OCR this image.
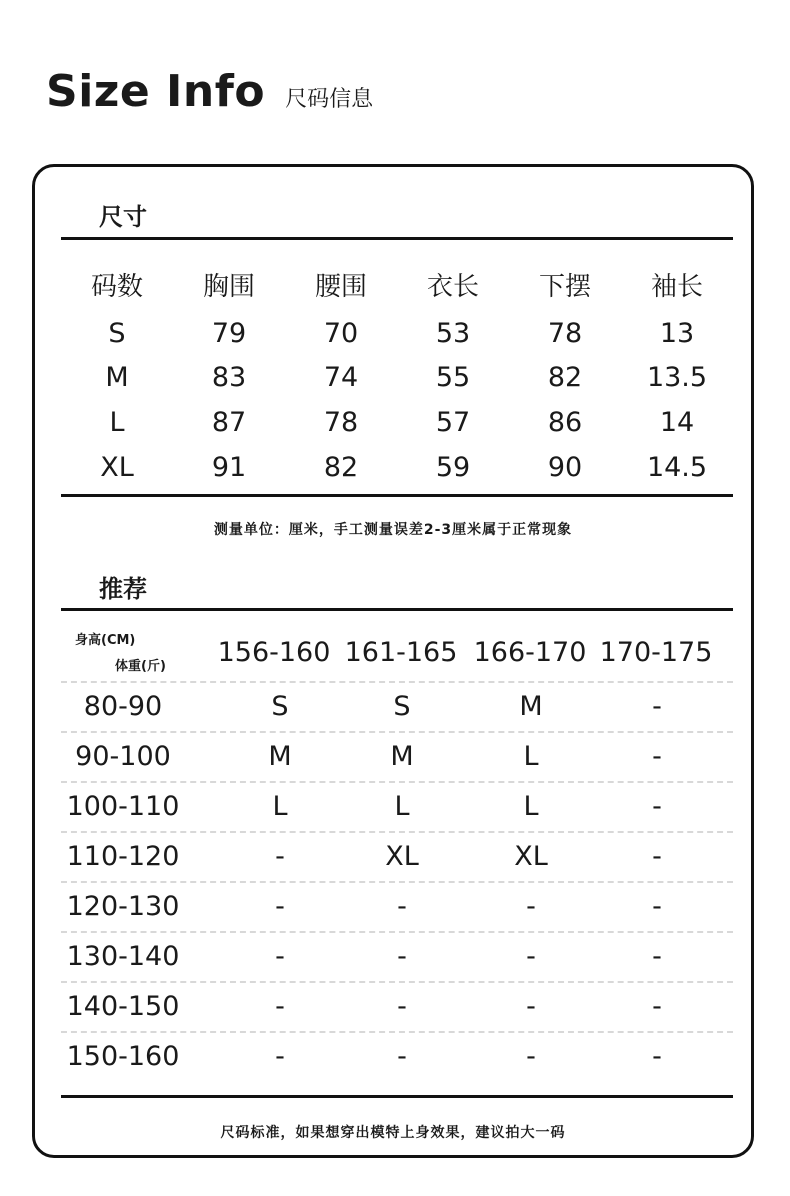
Size Info 尺码信息
尺寸
码数	胸围	腰围	衣长	下摆	袖长
S	79	70	53	78	13
M	83	74	55	82	13.5
L	87	78	57	86	14
XL	91	82	59	90	14.5
测量单位：厘米，手工测量误差2-3厘米属于正常现象
推荐
身高(CM)
体重(斤)	156-160 161-165 166-170 170-175
80-90	S	S	M	-
90-100	M	M	L	-
100-110	L	L	L	-
110-120	-	XL	XL	-
120-130	-	-	-	-
130-140	-	-	-	-
140-150	-	-	-	-
150-160	-	-	-	-
尺码标准，如果想穿出模特上身效果，建议拍大一码
